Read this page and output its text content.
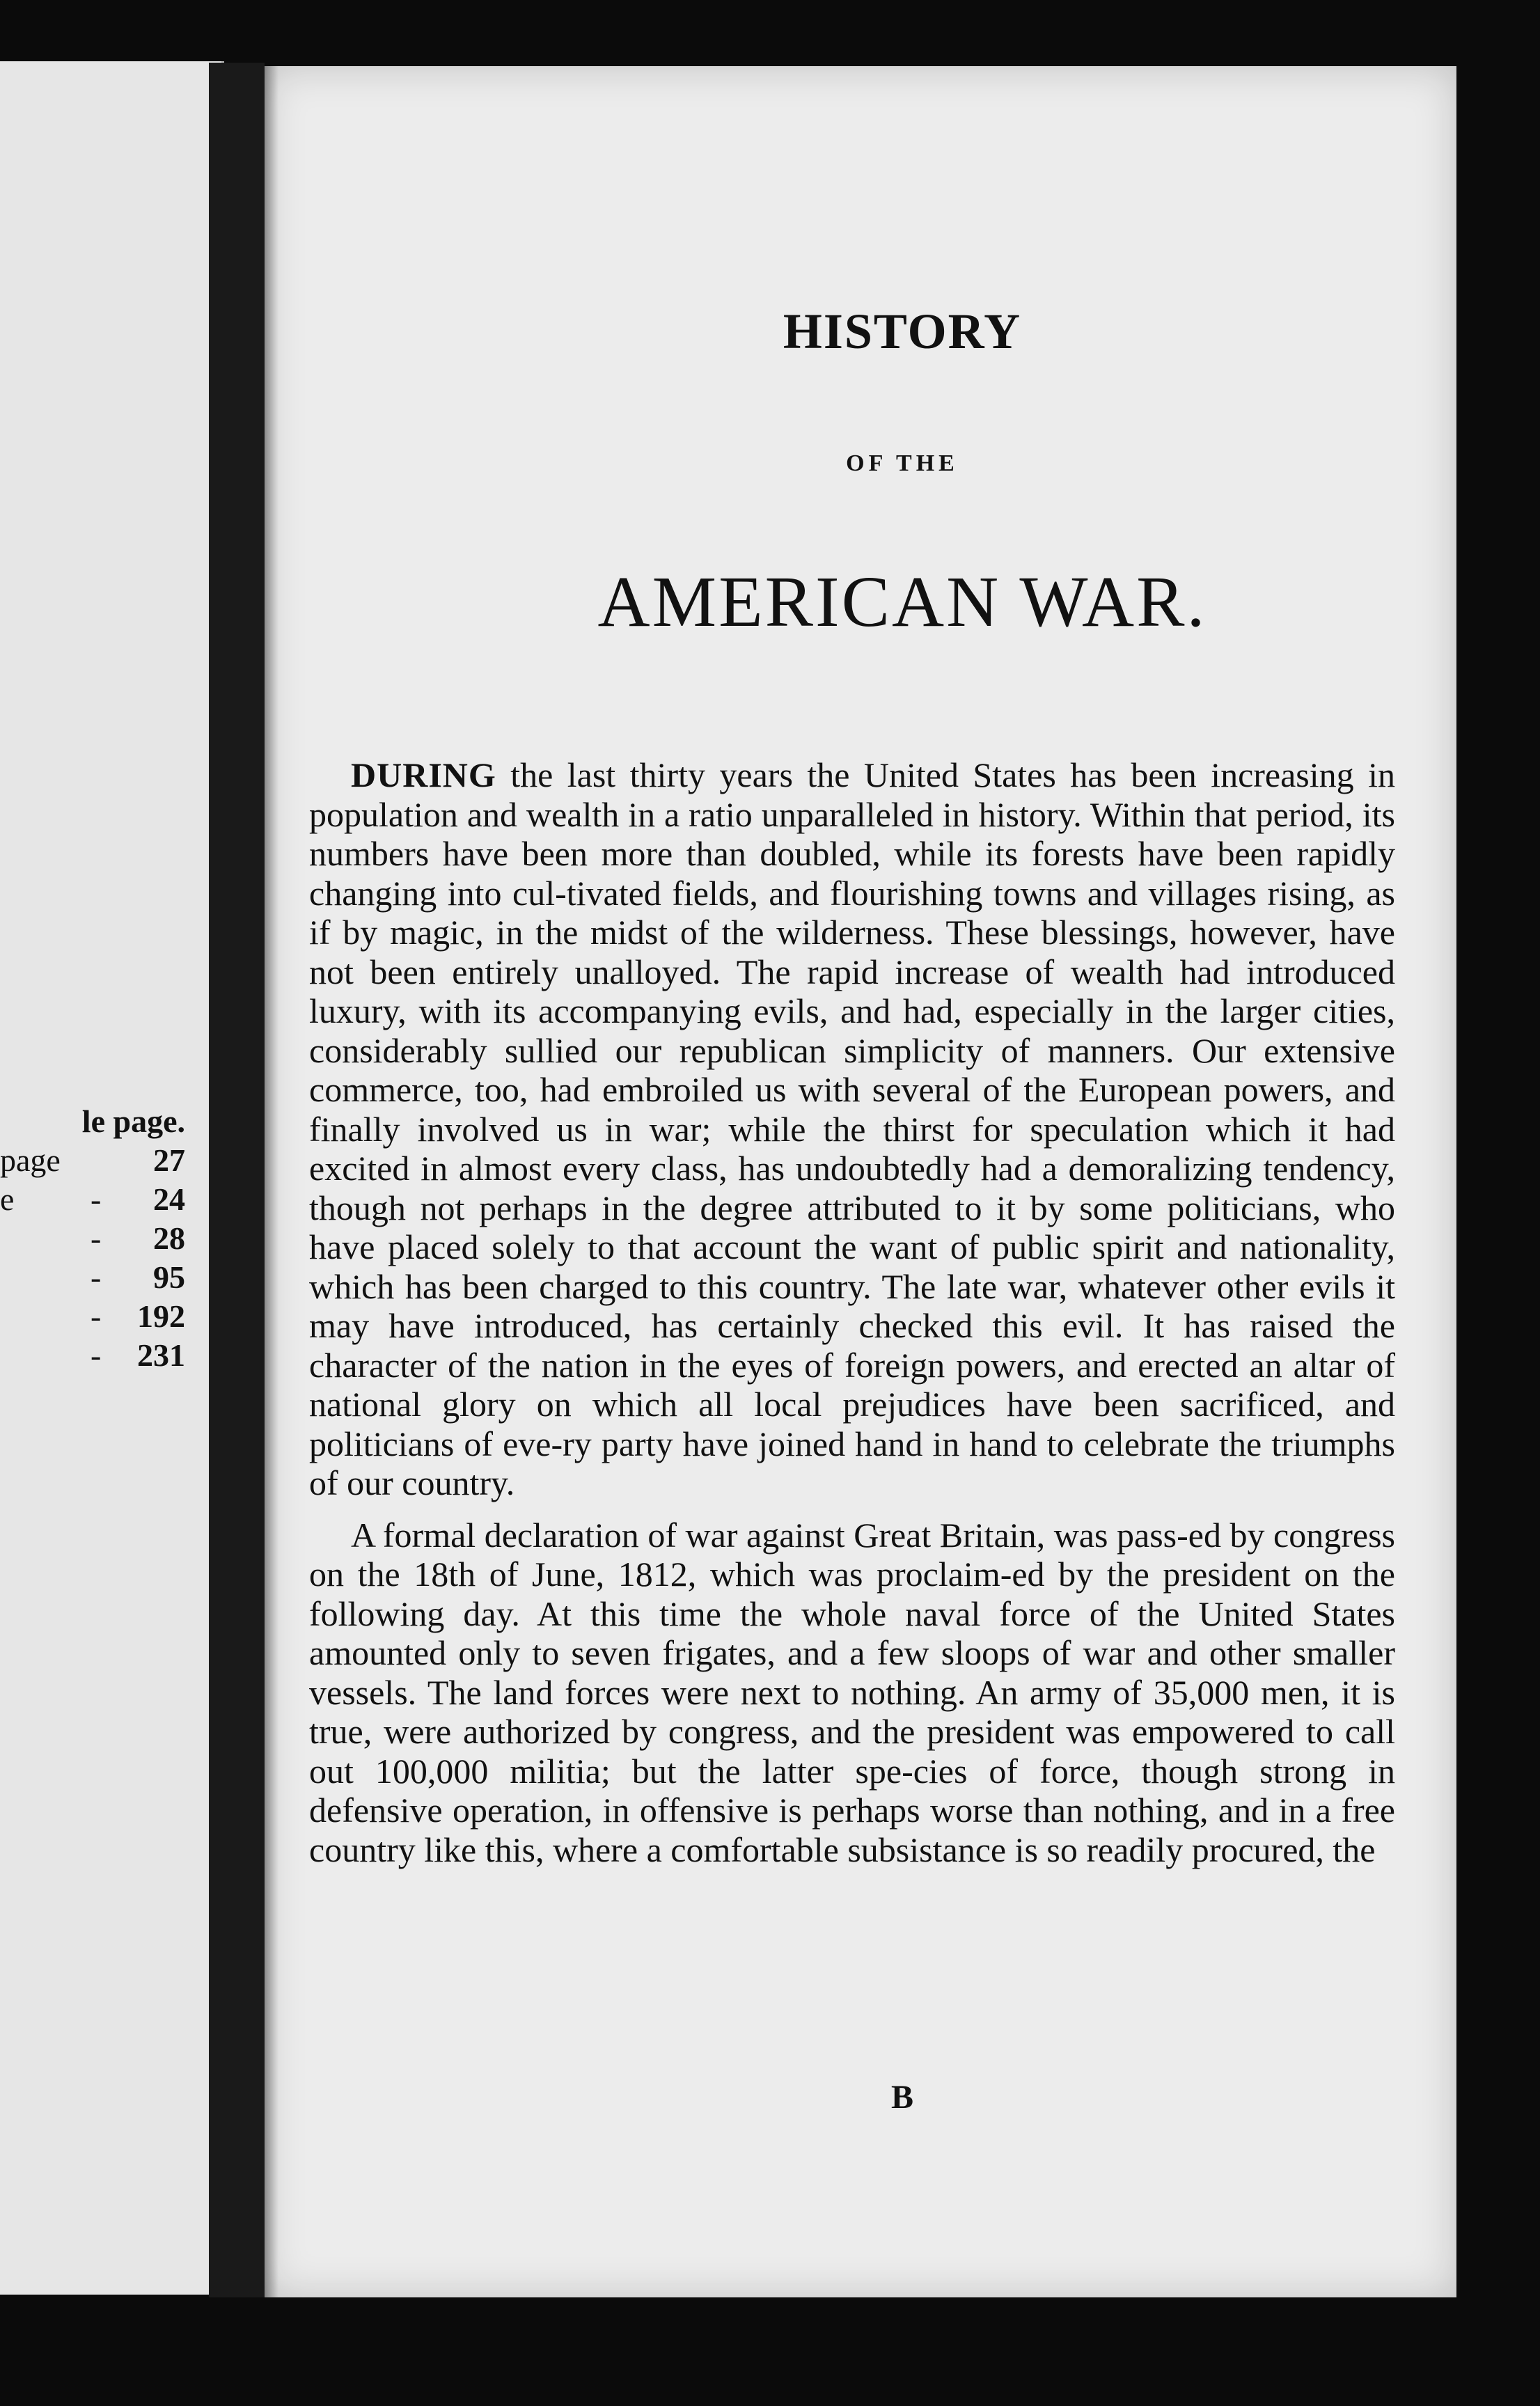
le page.
page	27
e - 24
- 28
- 95
- 192
- 231
HISTORY
OF THE
AMERICAN WAR.

DURING the last thirty years the United States has been increasing in population and wealth in a ratio unparalleled in history. Within that period, its numbers have been more than doubled, while its forests have been rapidly changing into cul-tivated fields, and flourishing towns and villages rising, as if by magic, in the midst of the wilderness. These blessings, however, have not been entirely unalloyed. The rapid increase of wealth had introduced luxury, with its accompanying evils, and had, especially in the larger cities, considerably sullied our republican simplicity of manners. Our extensive commerce, too, had embroiled us with several of the European powers, and finally involved us in war; while the thirst for speculation which it had excited in almost every class, has undoubtedly had a demoralizing tendency, though not perhaps in the degree attributed to it by some politicians, who have placed solely to that account the want of public spirit and nationality, which has been charged to this country. The late war, whatever other evils it may have introduced, has certainly checked this evil. It has raised the character of the nation in the eyes of foreign powers, and erected an altar of national glory on which all local prejudices have been sacrificed, and politicians of eve-ry party have joined hand in hand to celebrate the triumphs of our country.

A formal declaration of war against Great Britain, was pass-ed by congress on the 18th of June, 1812, which was proclaim-ed by the president on the following day. At this time the whole naval force of the United States amounted only to seven frigates, and a few sloops of war and other smaller vessels. The land forces were next to nothing. An army of 35,000 men, it is true, were authorized by congress, and the president was empowered to call out 100,000 militia; but the latter spe-cies of force, though strong in defensive operation, in offensive is perhaps worse than nothing, and in a free country like this, where a comfortable subsistance is so readily procured, the

B
